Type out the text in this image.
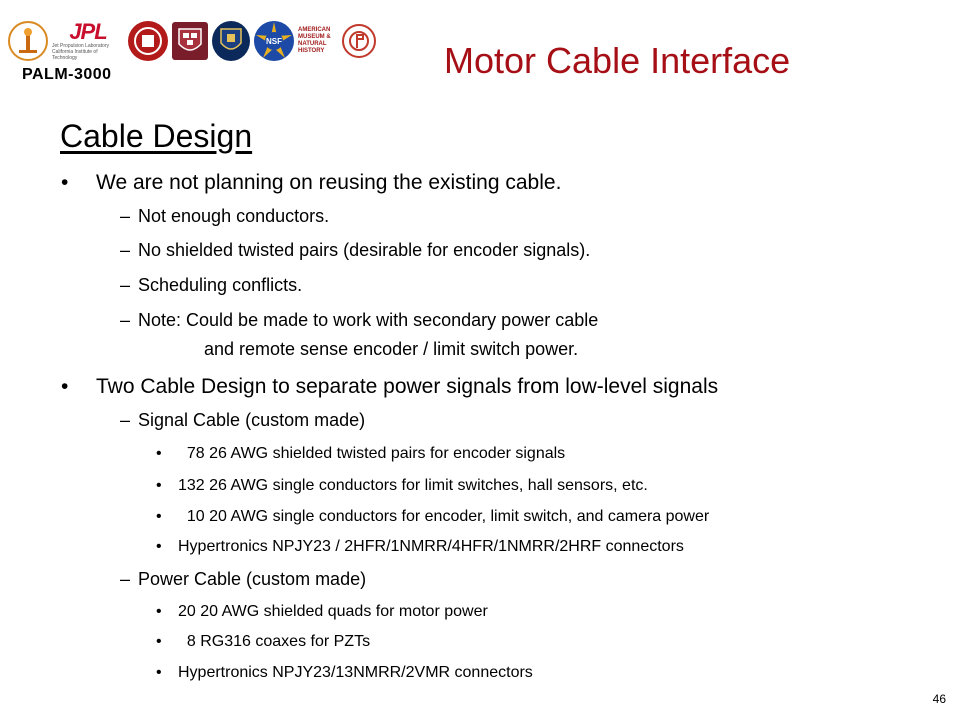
JPL
Jet Propulsion Laboratory California Institute of Technology
NSF
AMERICAN MUSEUM & NATURAL HISTORY
PALM-3000	Motor Cable Interface
Cable Design
• We are not planning on reusing the existing cable.
– Not enough conductors.
– No shielded twisted pairs (desirable for encoder signals).
– Scheduling conflicts.
– Note: Could be made to work with secondary power cable
and remote sense encoder / limit switch power.
• Two Cable Design to separate power signals from low-level signals
– Signal Cable (custom made)
• 78 26 AWG shielded twisted pairs for encoder signals
• 132 26 AWG single conductors for limit switches, hall sensors, etc.
• 10 20 AWG single conductors for encoder, limit switch, and camera power
• Hypertronics NPJY23 / 2HFR/1NMRR/4HFR/1NMRR/2HRF connectors
– Power Cable (custom made)
• 20 20 AWG shielded quads for motor power
• 8 RG316 coaxes for PZTs
• Hypertronics NPJY23/13NMRR/2VMR connectors
46
